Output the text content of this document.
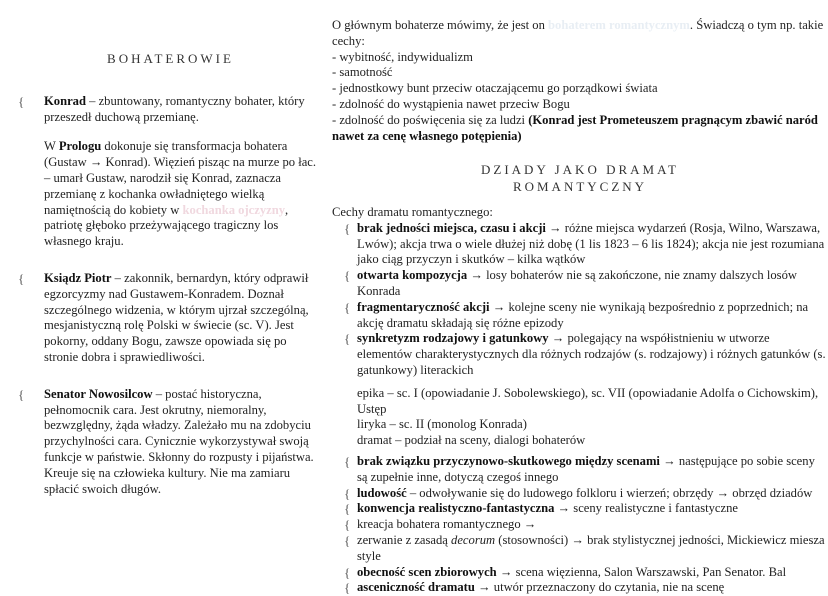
BOHATEROWIE
{ Konrad – zbuntowany, romantyczny bohater, który przeszedł duchową przemianę.
W Prologu dokonuje się transformacja bohatera (Gustaw → Konrad). Więzień pisząc na murze po łac. – umarł Gustaw, narodził się Konrad, zaznacza przemianę z kochanka owładniętego wielką namiętnością do kobiety w kochanka ojczyzny, patriotę głęboko przeżywającego tragiczny los własnego kraju.
{ Ksiądz Piotr – zakonnik, bernardyn, który odprawił egzorcyzmy nad Gustawem-Konradem. Doznał szczególnego widzenia, w którym ujrzał szczególną, mesjanistyczną rolę Polski w świecie (sc. V). Jest pokorny, oddany Bogu, zawsze opowiada się po stronie dobra i sprawiedliwości.
{ Senator Nowosilcow – postać historyczna, pełnomocnik cara. Jest okrutny, niemoralny, bezwzględny, żąda władzy. Zależało mu na zdobyciu przychylności cara. Cynicznie wykorzystywał swoją funkcje w państwie. Skłonny do rozpusty i pijaństwa. Kreuje się na człowieka kultury. Nie ma zamiaru spłacić swoich długów.
O głównym bohaterze mówimy, że jest on bohaterem romantycznym. Świadczą o tym np. takie cechy:
- wybitność, indywidualizm
- samotność
- jednostkowy bunt przeciw otaczającemu go porządkowi świata
- zdolność do wystąpienia nawet przeciw Bogu
- zdolność do poświęcenia się za ludzi (Konrad jest Prometeuszem pragnącym zbawić naród nawet za cenę własnego potępienia)
DZIADY JAKO DRAMAT
ROMANTYCZNY
Cechy dramatu romantycznego:
{ brak jedności miejsca, czasu i akcji → różne miejsca wydarzeń (Rosja, Wilno, Warszawa, Lwów); akcja trwa o wiele dłużej niż dobę (1 lis 1823 – 6 lis 1824); akcja nie jest rozumiana jako ciąg przyczyn i skutków – kilka wątków
{ otwarta kompozycja → losy bohaterów nie są zakończone, nie znamy dalszych losów Konrada
{ fragmentaryczność akcji → kolejne sceny nie wynikają bezpośrednio z poprzednich; na akcję dramatu składają się różne epizody
{ synkretyzm rodzajowy i gatunkowy → polegający na współistnieniu w utworze elementów charakterystycznych dla różnych rodzajów (s. rodzajowy) i różnych gatunków (s. gatunkowy) literackich
epika – sc. I (opowiadanie J. Sobolewskiego), sc. VII (opowiadanie Adolfa o Cichowskim), Ustęp
liryka – sc. II (monolog Konrada)
dramat – podział na sceny, dialogi bohaterów
{ brak związku przyczynowo-skutkowego między scenami → następujące po sobie sceny są zupełnie inne, dotyczą czegoś innego
{ ludowość – odwoływanie się do ludowego folkloru i wierzeń; obrzędy → obrzęd dziadów
{ konwencja realistyczno-fantastyczna → sceny realistyczne i fantastyczne
{ kreacja bohatera romantycznego →
{ zerwanie z zasadą decorum (stosowności) → brak stylistycznej jedności, Mickiewicz miesza style
{ obecność scen zbiorowych → scena więzienna, Salon Warszawski, Pan Senator. Bal
{ asceniczność dramatu → utwór przeznaczony do czytania, nie na scenę
